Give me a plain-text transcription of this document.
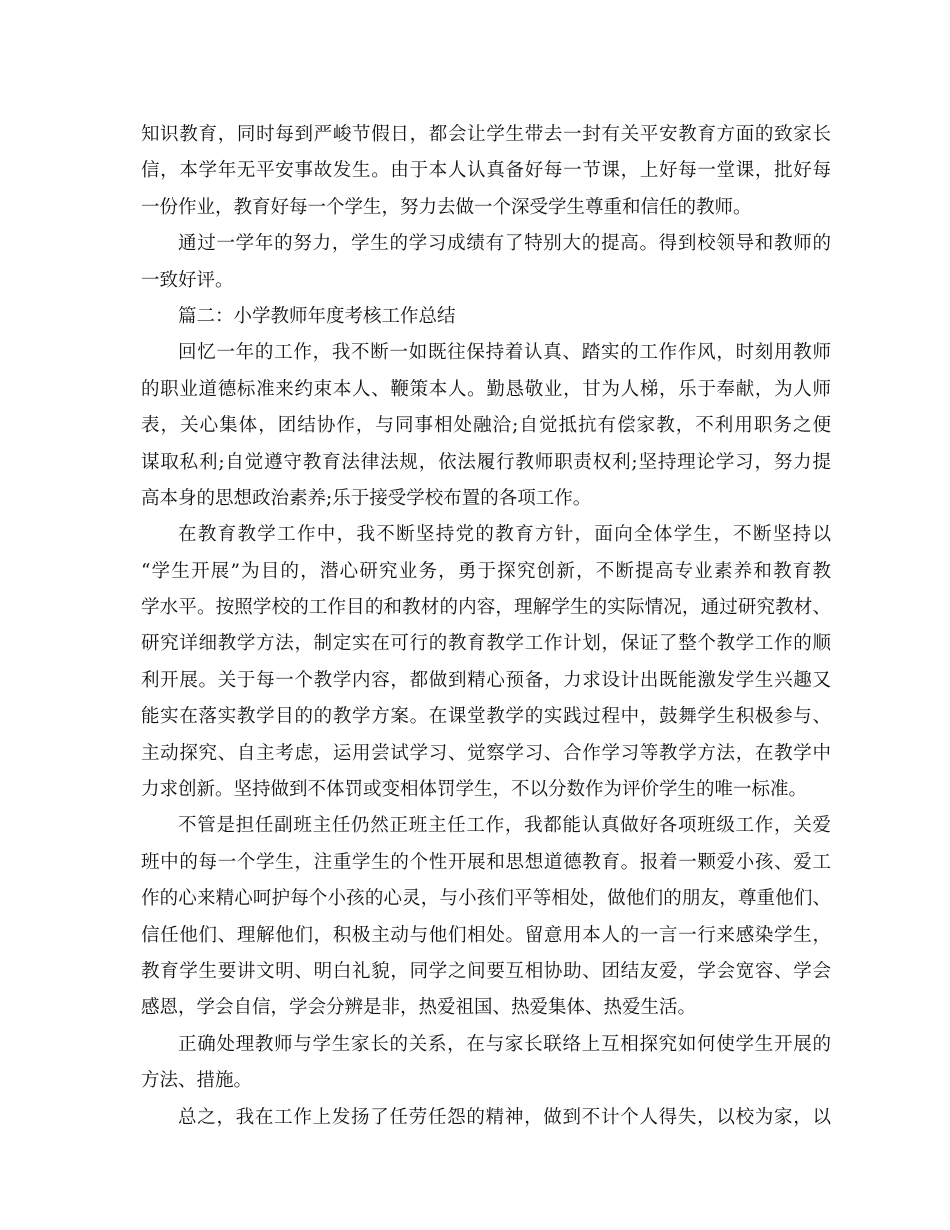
知识教育，同时每到严峻节假日，都会让学生带去一封有关平安教育方面的致家长
信，本学年无平安事故发生。由于本人认真备好每一节课，上好每一堂课，批好每
一份作业，教育好每一个学生，努力去做一个深受学生尊重和信任的教师。
通过一学年的努力，学生的学习成绩有了特别大的提高。得到校领导和教师的
一致好评。
篇二：小学教师年度考核工作总结
回忆一年的工作，我不断一如既往保持着认真、踏实的工作作风，时刻用教师
的职业道德标准来约束本人、鞭策本人。勤恳敬业，甘为人梯，乐于奉献，为人师
表，关心集体，团结协作，与同事相处融洽;自觉抵抗有偿家教，不利用职务之便
谋取私利;自觉遵守教育法律法规，依法履行教师职责权利;坚持理论学习，努力提
高本身的思想政治素养;乐于接受学校布置的各项工作。
在教育教学工作中，我不断坚持党的教育方针，面向全体学生，不断坚持以
“学生开展”为目的，潜心研究业务，勇于探究创新，不断提高专业素养和教育教
学水平。按照学校的工作目的和教材的内容，理解学生的实际情况，通过研究教材、
研究详细教学方法，制定实在可行的教育教学工作计划，保证了整个教学工作的顺
利开展。关于每一个教学内容，都做到精心预备，力求设计出既能激发学生兴趣又
能实在落实教学目的的教学方案。在课堂教学的实践过程中，鼓舞学生积极参与、
主动探究、自主考虑，运用尝试学习、觉察学习、合作学习等教学方法，在教学中
力求创新。坚持做到不体罚或变相体罚学生，不以分数作为评价学生的唯一标准。
不管是担任副班主任仍然正班主任工作，我都能认真做好各项班级工作，关爱
班中的每一个学生，注重学生的个性开展和思想道德教育。报着一颗爱小孩、爱工
作的心来精心呵护每个小孩的心灵，与小孩们平等相处，做他们的朋友，尊重他们、
信任他们、理解他们，积极主动与他们相处。留意用本人的一言一行来感染学生，
教育学生要讲文明、明白礼貌，同学之间要互相协助、团结友爱，学会宽容、学会
感恩，学会自信，学会分辨是非，热爱祖国、热爱集体、热爱生活。
正确处理教师与学生家长的关系，在与家长联络上互相探究如何使学生开展的
方法、措施。
总之，我在工作上发扬了任劳任怨的精神，做到不计个人得失，以校为家，以
